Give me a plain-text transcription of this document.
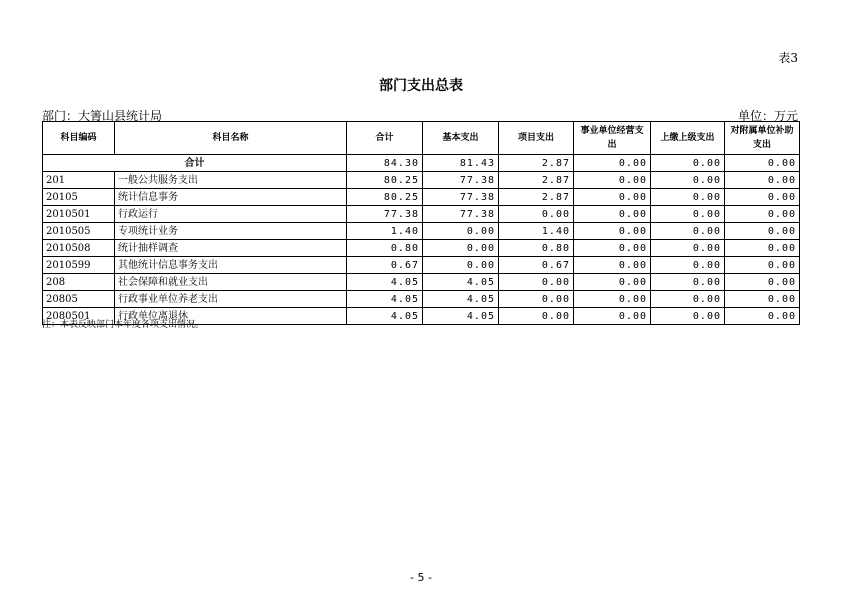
表3
部门支出总表
部门：大箐山县统计局	单位：万元
科目编码	科目名称	合计	基本支出	项目支出	事业单位经营支出	上缴上级支出	对附属单位补助支出
合计		84.30	81.43	2.87	0.00	0.00	0.00
201	一般公共服务支出	80.25	77.38	2.87	0.00	0.00	0.00
20105	统计信息事务	80.25	77.38	2.87	0.00	0.00	0.00
2010501	行政运行	77.38	77.38	0.00	0.00	0.00	0.00
2010505	专项统计业务	1.40	0.00	1.40	0.00	0.00	0.00
2010508	统计抽样调查	0.80	0.00	0.80	0.00	0.00	0.00
2010599	其他统计信息事务支出	0.67	0.00	0.67	0.00	0.00	0.00
208	社会保障和就业支出	4.05	4.05	0.00	0.00	0.00	0.00
20805	行政事业单位养老支出	4.05	4.05	0.00	0.00	0.00	0.00
2080501	行政单位离退休	4.05	4.05	0.00	0.00	0.00	0.00
注：本表反映部门本年度各项支出情况。
- 5 -
